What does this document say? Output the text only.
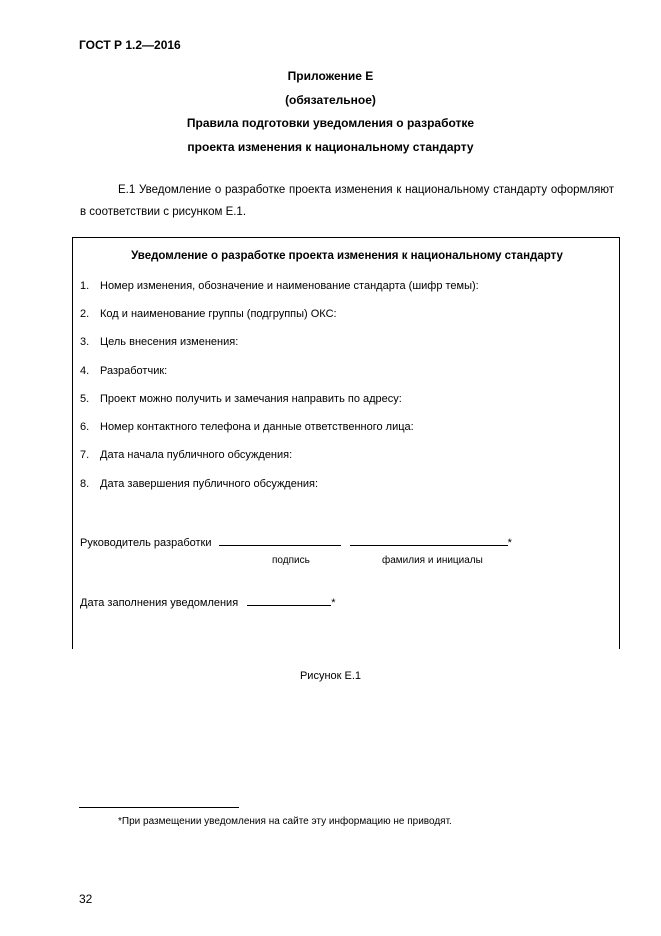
ГОСТ Р 1.2—2016
Приложение Е
(обязательное)
Правила подготовки уведомления о разработке
проекта изменения к национальному стандарту
Е.1 Уведомление о разработке проекта изменения к национальному стандарту оформляют в соответствии с рисунком Е.1.
Уведомление о разработке проекта изменения к национальному стандарту
1. Номер изменения, обозначение и наименование стандарта (шифр темы):
2. Код и наименование группы (подгруппы) ОКС:
3. Цель внесения изменения:
4. Разработчик:
5. Проект можно получить и замечания направить по адресу:
6. Номер контактного телефона и данные ответственного лица:
7. Дата начала публичного обсуждения:
8. Дата завершения публичного обсуждения:
Руководитель разработки	*
подпись	фамилия и инициалы
Дата заполнения уведомления	*
Рисунок Е.1
*При размещении уведомления на сайте эту информацию не приводят.
32
